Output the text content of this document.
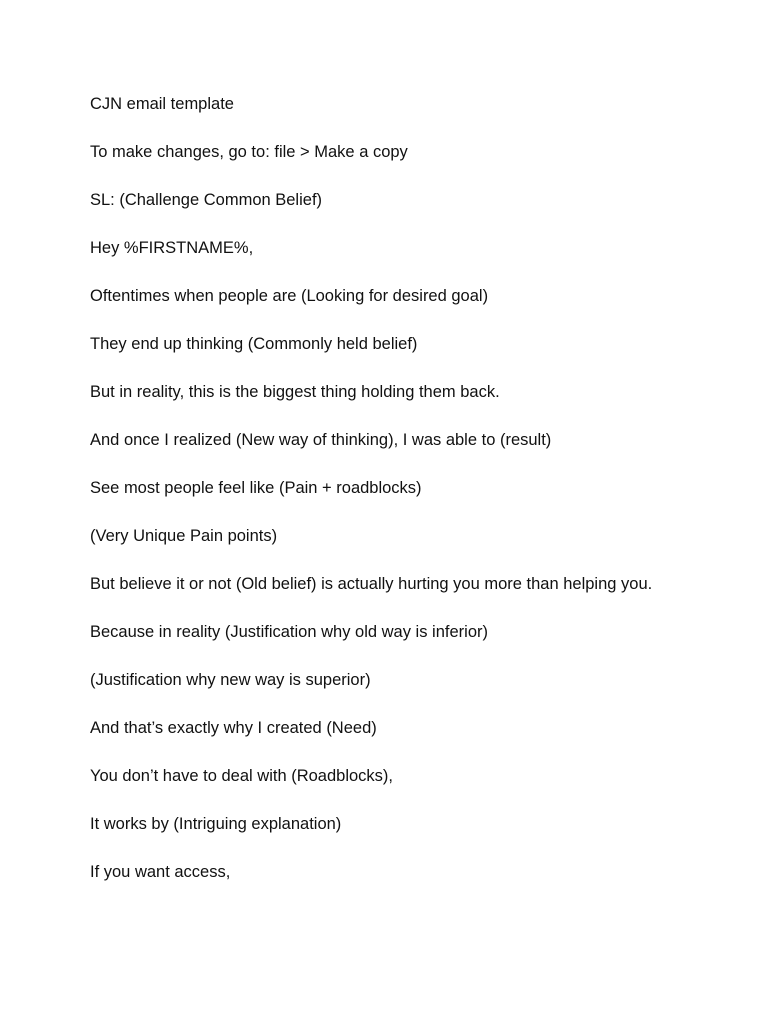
CJN email template

To make changes, go to: file > Make a copy

SL: (Challenge Common Belief)

Hey %FIRSTNAME%,

Oftentimes when people are (Looking for desired goal)

They end up thinking (Commonly held belief)

But in reality, this is the biggest thing holding them back.

And once I realized (New way of thinking), I was able to (result)

See most people feel like (Pain + roadblocks)

(Very Unique Pain points)

But believe it or not (Old belief) is actually hurting you more than helping you.

Because in reality (Justification why old way is inferior)

(Justification why new way is superior)

And that’s exactly why I created (Need)

You don’t have to deal with (Roadblocks),

It works by (Intriguing explanation)

If you want access,
